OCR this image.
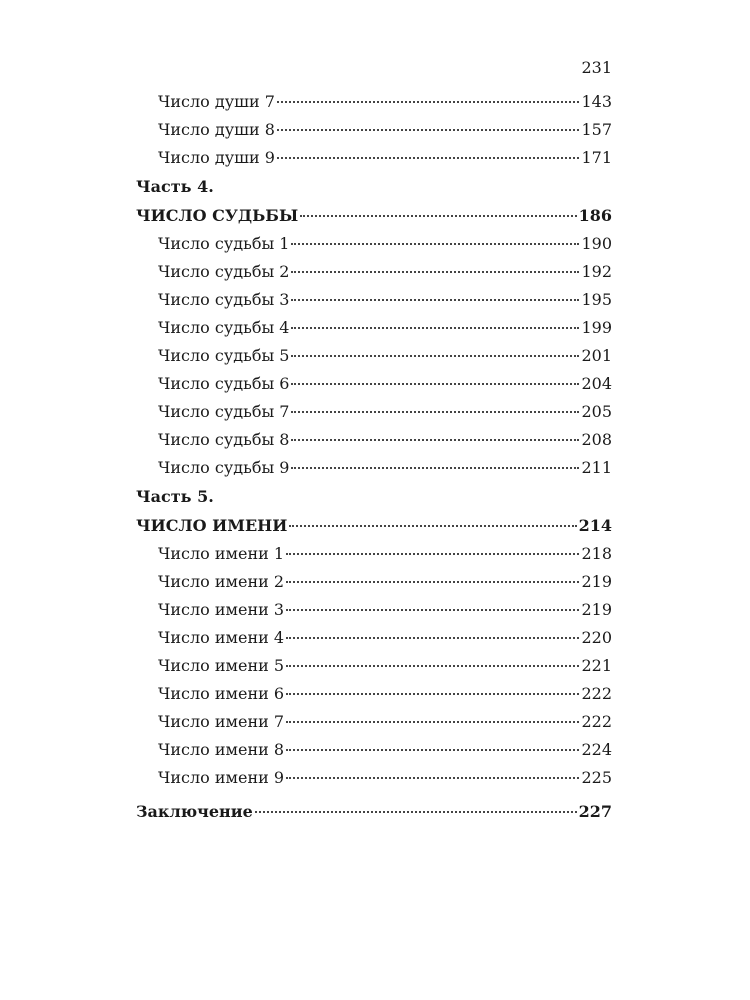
231
Число души 7	143
Число души 8	157
Число души 9	171
Часть 4.
ЧИСЛО СУДЬБЫ	186
Число судьбы 1	190
Число судьбы 2	192
Число судьбы 3	195
Число судьбы 4	199
Число судьбы 5	201
Число судьбы 6	204
Число судьбы 7	205
Число судьбы 8	208
Число судьбы 9	211
Часть 5.
ЧИСЛО ИМЕНИ	214
Число имени 1	218
Число имени 2	219
Число имени 3	219
Число имени 4	220
Число имени 5	221
Число имени 6	222
Число имени 7	222
Число имени 8	224
Число имени 9	225
Заключение	227
